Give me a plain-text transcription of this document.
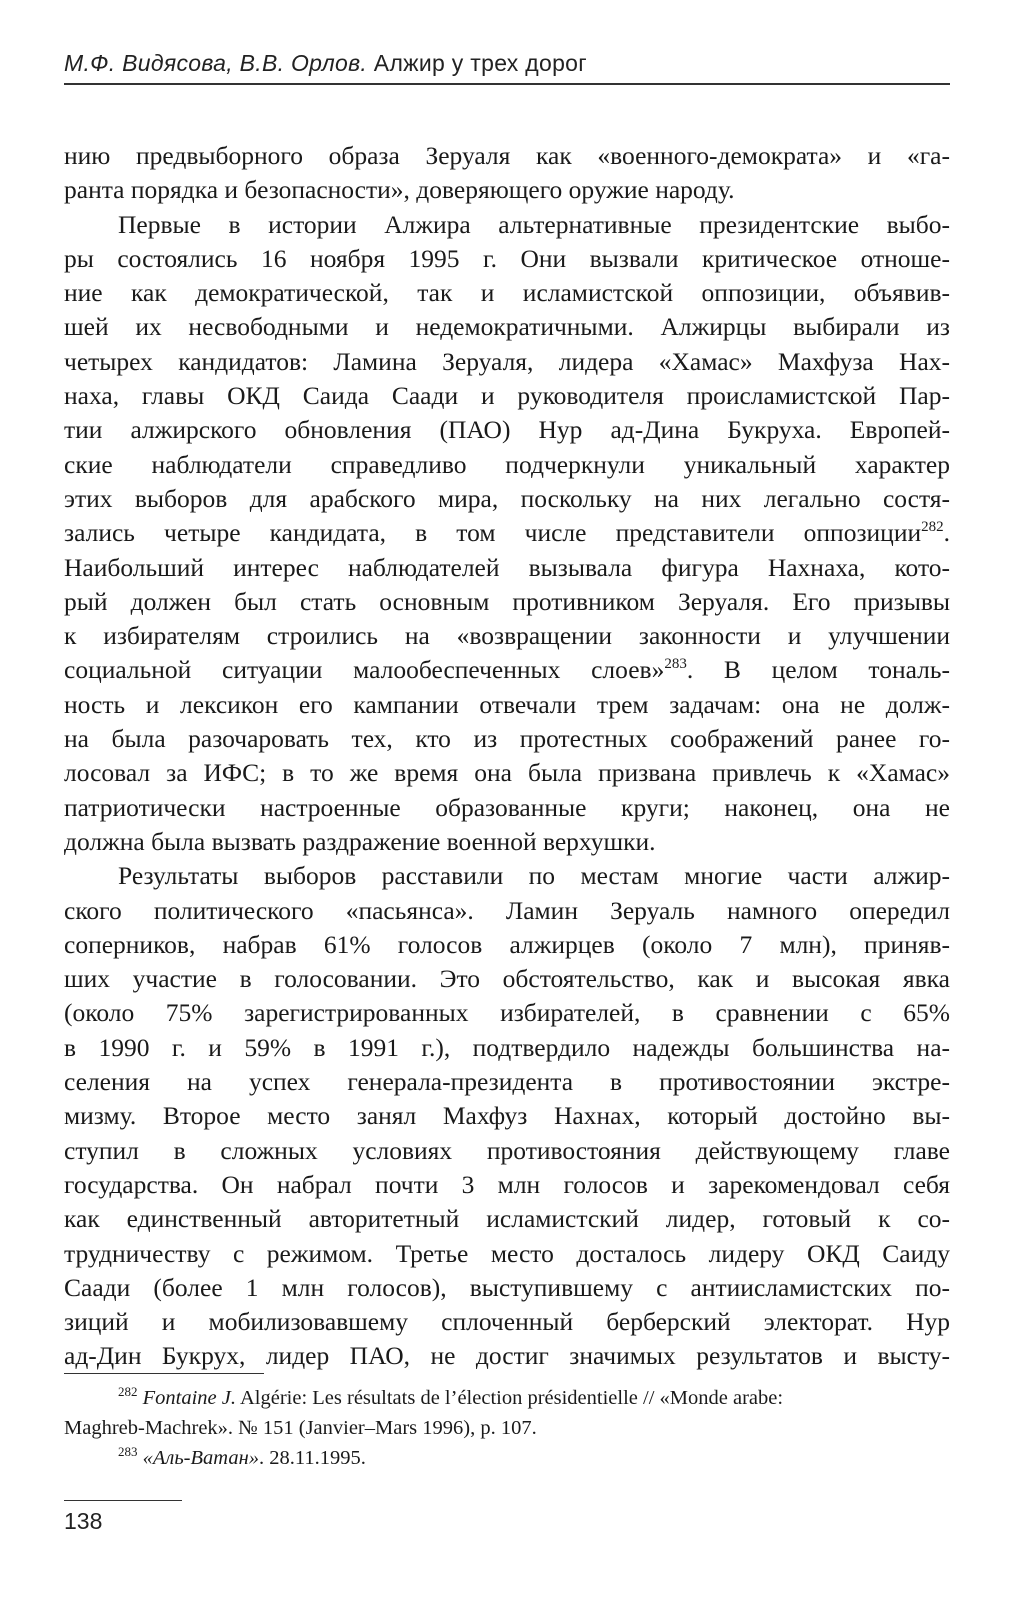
М.Ф. Видясова, В.В. Орлов. Алжир у трех дорог
нию предвыборного образа Зеруаля как «военного-демократа» и «га-
ранта порядка и безопасности», доверяющего оружие народу.
Первые в истории Алжира альтернативные президентские выбо-
ры состоялись 16 ноября 1995 г. Они вызвали критическое отноше-
ние как демократической, так и исламистской оппозиции, объявив-
шей их несвободными и недемократичными. Алжирцы выбирали из
четырех кандидатов: Ламина Зеруаля, лидера «Хамас» Махфуза Нах-
наха, главы ОКД Саида Саади и руководителя происламистской Пар-
тии алжирского обновления (ПАО) Нур ад-Дина Букруха. Европей-
ские наблюдатели справедливо подчеркнули уникальный характер
этих выборов для арабского мира, поскольку на них легально состя-
зались четыре кандидата, в том числе представители оппозиции$^{282}$.
Наибольший интерес наблюдателей вызывала фигура Нахнаха, кото-
рый должен был стать основным противником Зеруаля. Его призывы
к избирателям строились на «возвращении законности и улучшении
социальной ситуации малообеспеченных слоев»$^{283}$. В целом тональ-
ность и лексикон его кампании отвечали трем задачам: она не долж-
на была разочаровать тех, кто из протестных соображений ранее го-
лосовал за ИФС; в то же время она была призвана привлечь к «Хамас»
патриотически настроенные образованные круги; наконец, она не
должна была вызвать раздражение военной верхушки.
Результаты выборов расставили по местам многие части алжир-
ского политического «пасьянса». Ламин Зеруаль намного опередил
соперников, набрав 61% голосов алжирцев (около 7 млн), приняв-
ших участие в голосовании. Это обстоятельство, как и высокая явка
(около 75% зарегистрированных избирателей, в сравнении с 65%
в 1990 г. и 59% в 1991 г.), подтвердило надежды большинства на-
селения на успех генерала-президента в противостоянии экстре-
мизму. Второе место занял Махфуз Нахнах, который достойно вы-
ступил в сложных условиях противостояния действующему главе
государства. Он набрал почти 3 млн голосов и зарекомендовал себя
как единственный авторитетный исламистский лидер, готовый к со-
трудничеству с режимом. Третье место досталось лидеру ОКД Саиду
Саади (более 1 млн голосов), выступившему с антиисламистских по-
зиций и мобилизовавшему сплоченный берберский электорат. Нур
ад-Дин Букрух, лидер ПАО, не достиг значимых результатов и высту-
$^{282}$ Fontaine J. Algérie: Les résultats de l’élection présidentielle // «Monde arabe:
Maghreb-Machrek». № 151 (Janvier–Mars 1996), p. 107.
$^{283}$ «Аль-Ватан». 28.11.1995.
138
